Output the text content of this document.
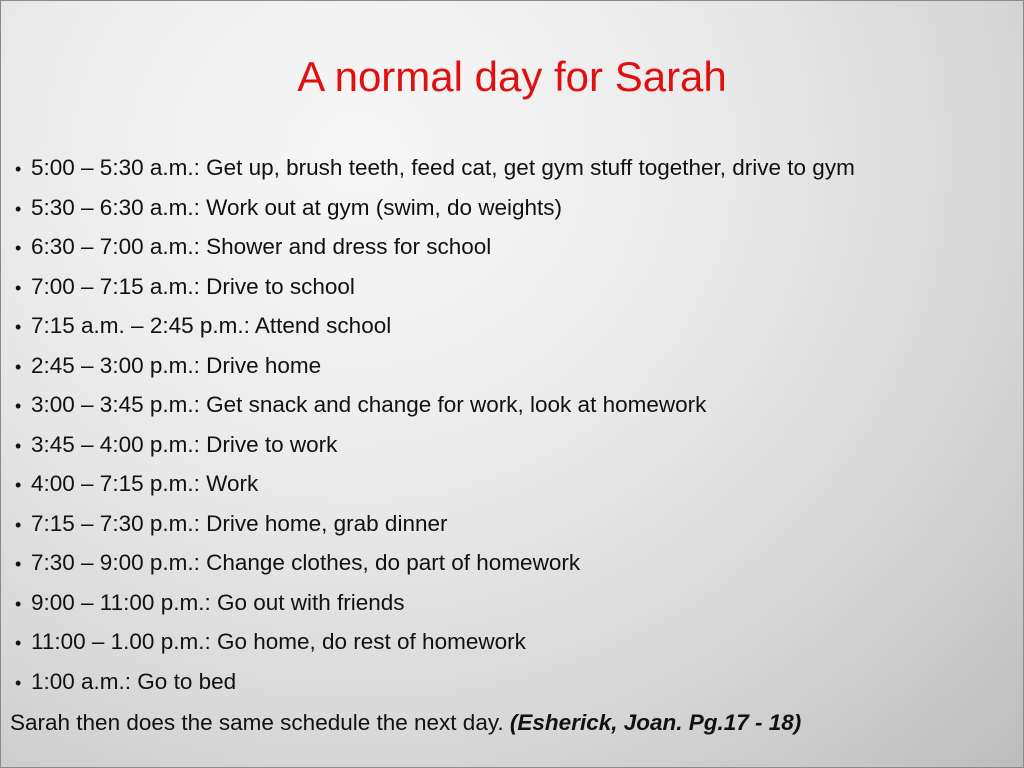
A normal day for Sarah
• 5:00 – 5:30 a.m.: Get up, brush teeth, feed cat, get gym stuff together, drive to gym
• 5:30 – 6:30 a.m.: Work out at gym (swim, do weights)
• 6:30 – 7:00 a.m.: Shower and dress for school
• 7:00 – 7:15 a.m.: Drive to school
• 7:15 a.m. – 2:45 p.m.: Attend school
• 2:45 – 3:00 p.m.: Drive home
• 3:00 – 3:45 p.m.: Get snack and change for work, look at homework
• 3:45 – 4:00 p.m.: Drive to work
• 4:00 – 7:15 p.m.: Work
• 7:15 – 7:30 p.m.: Drive home, grab dinner
• 7:30 – 9:00 p.m.: Change clothes, do part of homework
• 9:00 – 11:00 p.m.: Go out with friends
• 11:00 – 1.00 p.m.: Go home, do rest of homework
• 1:00 a.m.: Go to bed

Sarah then does the same schedule the next day. (Esherick, Joan. Pg.17 - 18)
